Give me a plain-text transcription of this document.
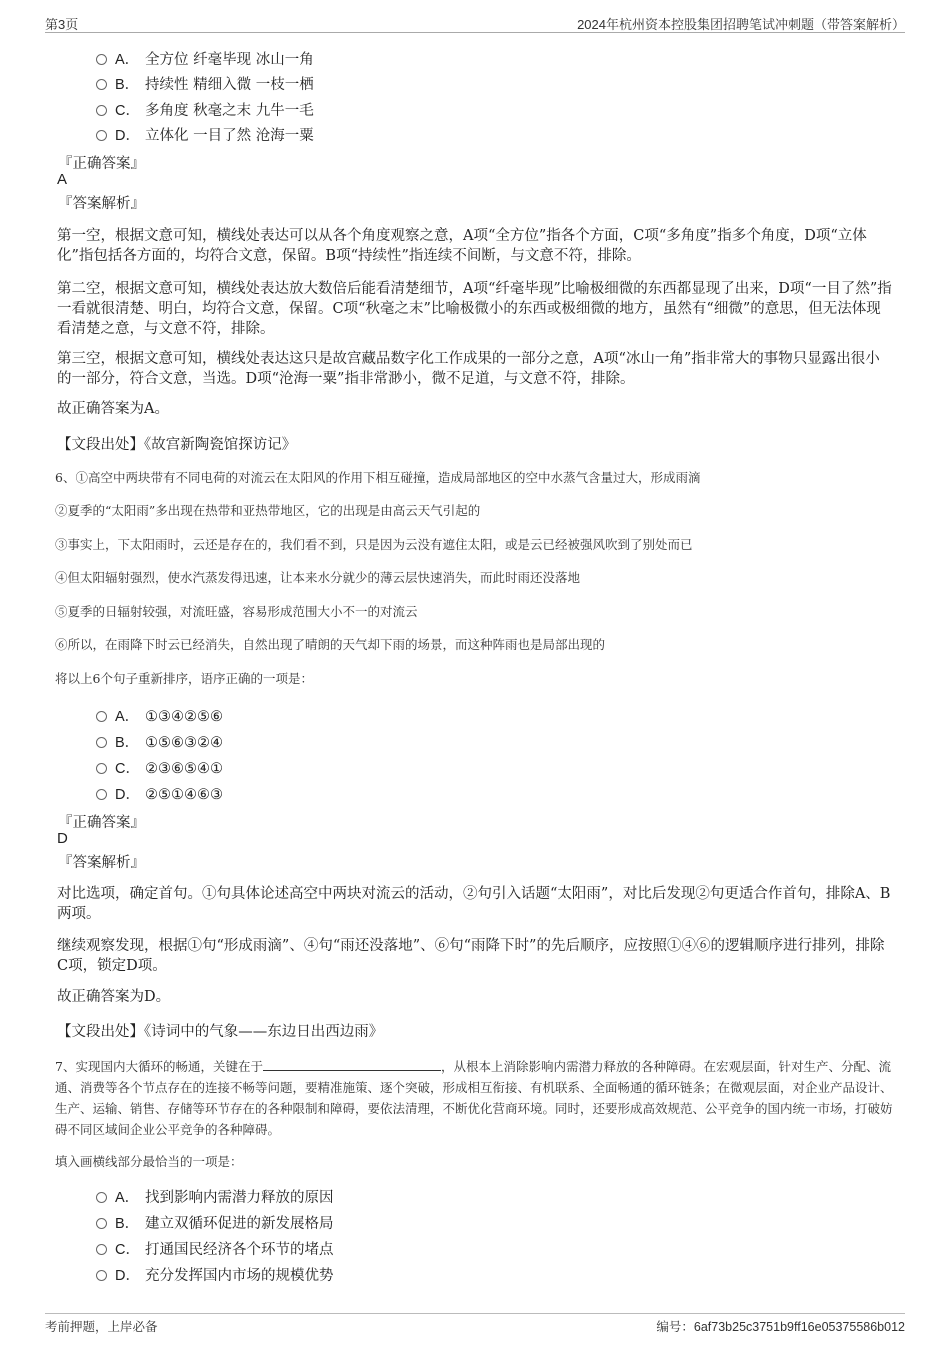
第3页	2024年杭州资本控股集团招聘笔试冲刺题（带答案解析）
A． 全方位 纤毫毕现 冰山一角
B． 持续性 精细入微 一枝一栖
C． 多角度 秋毫之末 九牛一毛
D． 立体化 一目了然 沧海一粟
『正确答案』
A
『答案解析』
第一空，根据文意可知，横线处表达可以从各个角度观察之意，A项“全方位”指各个方面，C项“多角度”指多个角度，D项“立体化”指包括各方面的，均符合文意，保留。B项“持续性”指连续不间断，与文意不符，排除。
第二空，根据文意可知，横线处表达放大数倍后能看清楚细节，A项“纤毫毕现”比喻极细微的东西都显现了出来，D项“一目了然”指一看就很清楚、明白，均符合文意，保留。C项“秋毫之末”比喻极微小的东西或极细微的地方，虽然有“细微”的意思，但无法体现看清楚之意，与文意不符，排除。
第三空，根据文意可知，横线处表达这只是故宫藏品数字化工作成果的一部分之意，A项“冰山一角”指非常大的事物只显露出很小的一部分，符合文意，当选。D项“沧海一粟”指非常渺小，微不足道，与文意不符，排除。
故正确答案为A。
【文段出处】《故宫新陶瓷馆探访记》
6、①高空中两块带有不同电荷的对流云在太阳风的作用下相互碰撞，造成局部地区的空中水蒸气含量过大，形成雨滴
②夏季的“太阳雨”多出现在热带和亚热带地区，它的出现是由高云天气引起的
③事实上，下太阳雨时，云还是存在的，我们看不到，只是因为云没有遮住太阳，或是云已经被强风吹到了别处而已
④但太阳辐射强烈，使水汽蒸发得迅速，让本来水分就少的薄云层快速消失，而此时雨还没落地
⑤夏季的日辐射较强，对流旺盛，容易形成范围大小不一的对流云
⑥所以，在雨降下时云已经消失，自然出现了晴朗的天气却下雨的场景，而这种阵雨也是局部出现的
将以上6个句子重新排序，语序正确的一项是：
A． ①③④②⑤⑥
B． ①⑤⑥③②④
C． ②③⑥⑤④①
D． ②⑤①④⑥③
『正确答案』
D
『答案解析』
对比选项，确定首句。①句具体论述高空中两块对流云的活动，②句引入话题“太阳雨”，对比后发现②句更适合作首句，排除A、B两项。
继续观察发现，根据①句“形成雨滴”、④句“雨还没落地”、⑥句“雨降下时”的先后顺序，应按照①④⑥的逻辑顺序进行排列，排除C项，锁定D项。
故正确答案为D。
【文段出处】《诗词中的气象——东边日出西边雨》
7、实现国内大循环的畅通，关键在于	，从根本上消除影响内需潜力释放的各种障碍。在宏观层面，针对生产、分配、流通、消费等各个节点存在的连接不畅等问题，要精准施策、逐个突破，形成相互衔接、有机联系、全面畅通的循环链条；在微观层面，对企业产品设计、生产、运输、销售、存储等环节存在的各种限制和障碍，要依法清理，不断优化营商环境。同时，还要形成高效规范、公平竞争的国内统一市场，打破妨碍不同区域间企业公平竞争的各种障碍。
填入画横线部分最恰当的一项是：
A． 找到影响内需潜力释放的原因
B． 建立双循环促进的新发展格局
C． 打通国民经济各个环节的堵点
D． 充分发挥国内市场的规模优势
考前押题，上岸必备	编号：6af73b25c3751b9ff16e05375586b012
